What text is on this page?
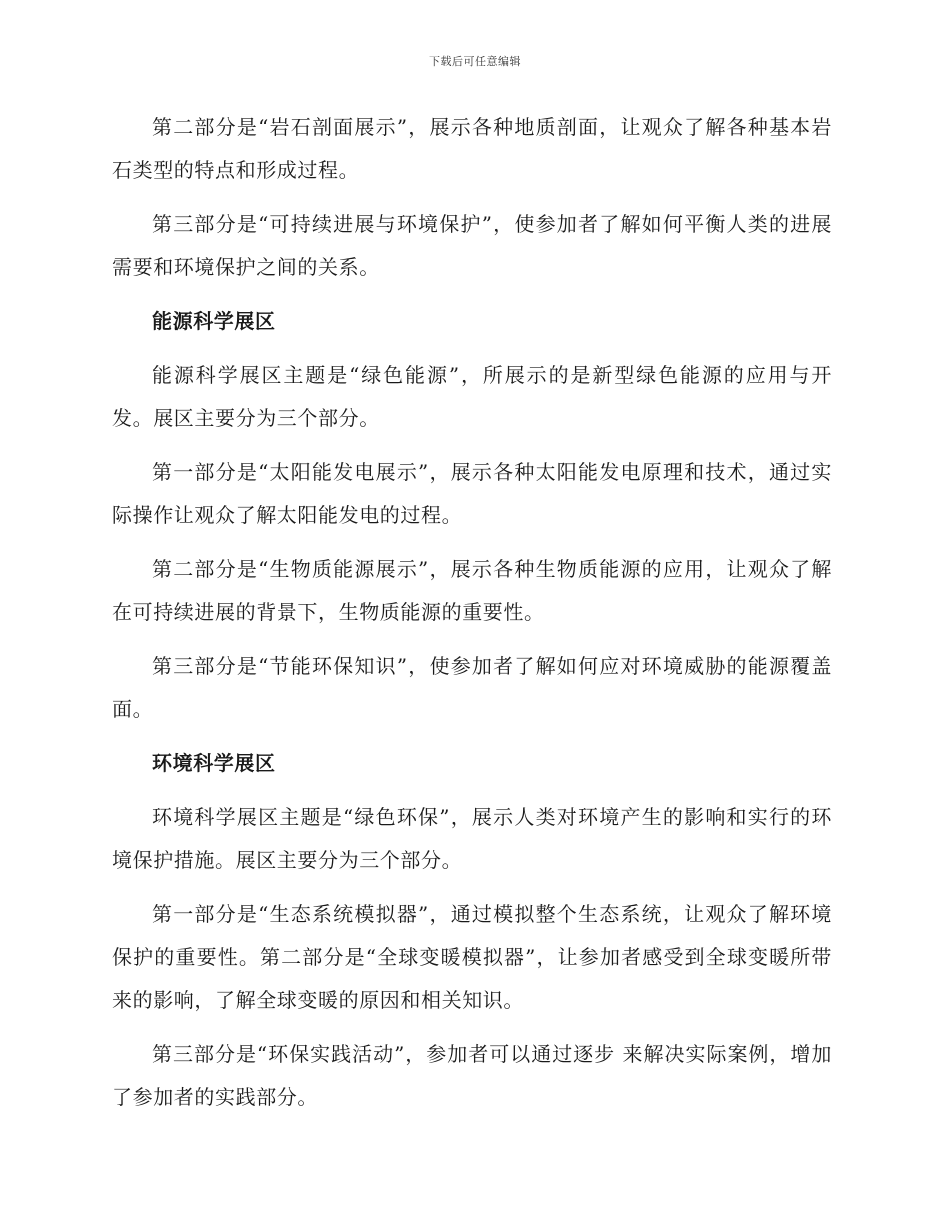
下载后可任意编辑

第二部分是“岩石剖面展示”，展示各种地质剖面，让观众了解各种基本岩石类型的特点和形成过程。

第三部分是“可持续进展与环境保护”，使参加者了解如何平衡人类的进展需要和环境保护之间的关系。

能源科学展区

能源科学展区主题是“绿色能源”，所展示的是新型绿色能源的应用与开发。展区主要分为三个部分。

第一部分是“太阳能发电展示”，展示各种太阳能发电原理和技术，通过实际操作让观众了解太阳能发电的过程。

第二部分是“生物质能源展示”，展示各种生物质能源的应用，让观众了解在可持续进展的背景下，生物质能源的重要性。

第三部分是“节能环保知识”，使参加者了解如何应对环境威胁的能源覆盖面。

环境科学展区

环境科学展区主题是“绿色环保”，展示人类对环境产生的影响和实行的环境保护措施。展区主要分为三个部分。

第一部分是“生态系统模拟器”，通过模拟整个生态系统，让观众了解环境保护的重要性。第二部分是“全球变暖模拟器”，让参加者感受到全球变暖所带来的影响，了解全球变暖的原因和相关知识。

第三部分是“环保实践活动”，参加者可以通过逐步 来解决实际案例，增加了参加者的实践部分。
